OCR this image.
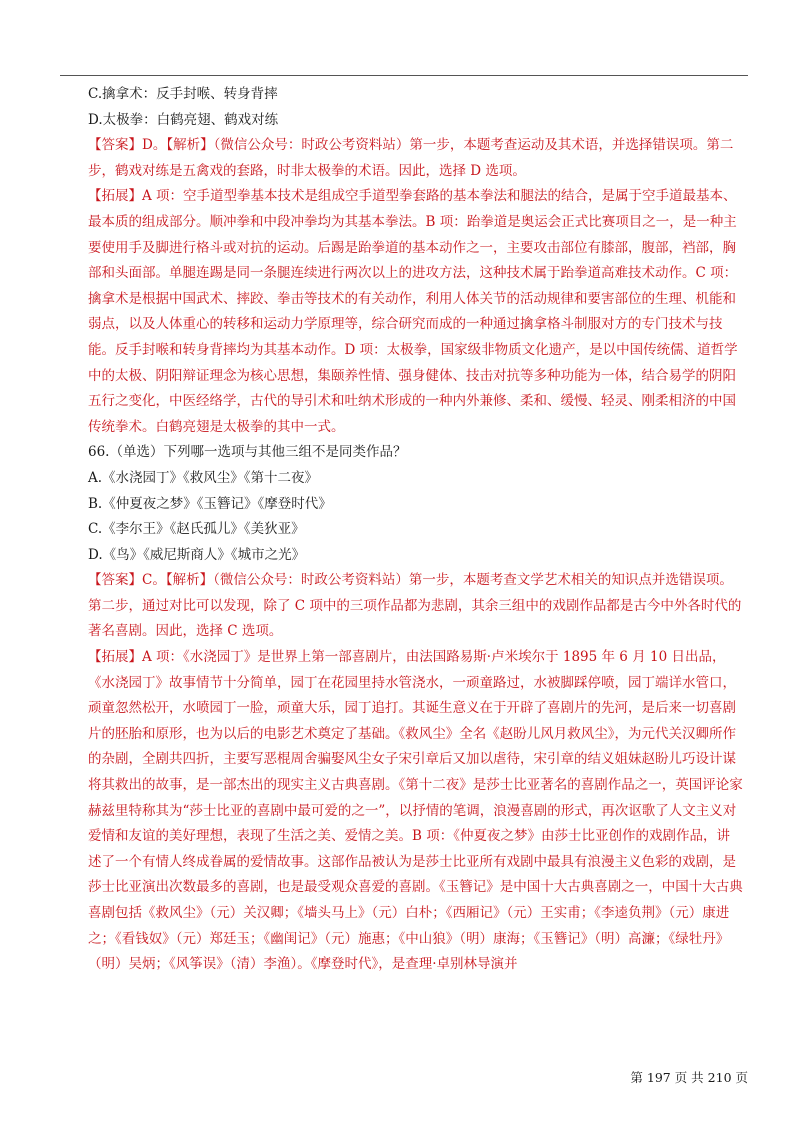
C.擒拿术：反手封喉、转身背摔

D.太极拳：白鹤亮翅、鹤戏对练

【答案】D。【解析】（微信公众号：时政公考资料站）第一步，本题考查运动及其术语，并选择错误项。第二步，鹤戏对练是五禽戏的套路，时非太极拳的术语。因此，选择 D 选项。

【拓展】A 项：空手道型拳基本技术是组成空手道型拳套路的基本拳法和腿法的结合，是属于空手道最基本、最本质的组成部分。顺冲拳和中段冲拳均为其基本拳法。B 项：跆拳道是奥运会正式比赛项目之一，是一种主要使用手及脚进行格斗或对抗的运动。后踢是跆拳道的基本动作之一，主要攻击部位有膝部，腹部，裆部，胸部和头面部。单腿连踢是同一条腿连续进行两次以上的进攻方法，这种技术属于跆拳道高难技术动作。C 项：擒拿术是根据中国武术、摔跤、拳击等技术的有关动作，利用人体关节的活动规律和要害部位的生理、机能和弱点，以及人体重心的转移和运动力学原理等，综合研究而成的一种通过擒拿格斗制服对方的专门技术与技能。反手封喉和转身背摔均为其基本动作。D 项：太极拳，国家级非物质文化遗产，是以中国传统儒、道哲学中的太极、阴阳辩证理念为核心思想，集颐养性情、强身健体、技击对抗等多种功能为一体，结合易学的阴阳五行之变化，中医经络学，古代的导引术和吐纳术形成的一种内外兼修、柔和、缓慢、轻灵、刚柔相济的中国传统拳术。白鹤亮翅是太极拳的其中一式。

66.（单选）下列哪一选项与其他三组不是同类作品？

A.《水浇园丁》《救风尘》《第十二夜》

B.《仲夏夜之梦》《玉簪记》《摩登时代》

C.《李尔王》《赵氏孤儿》《美狄亚》

D.《鸟》《威尼斯商人》《城市之光》

【答案】C。【解析】（微信公众号：时政公考资料站）第一步，本题考查文学艺术相关的知识点并选错误项。第二步，通过对比可以发现，除了 C 项中的三项作品都为悲剧，其余三组中的戏剧作品都是古今中外各时代的著名喜剧。因此，选择 C 选项。

【拓展】A 项：《水浇园丁》是世界上第一部喜剧片，由法国路易斯·卢米埃尔于 1895 年 6 月 10 日出品，《水浇园丁》故事情节十分简单，园丁在花园里持水管浇水，一顽童路过，水被脚踩停喷，园丁端详水管口，顽童忽然松开，水喷园丁一脸，顽童大乐，园丁追打。其诞生意义在于开辟了喜剧片的先河，是后来一切喜剧片的胚胎和原形，也为以后的电影艺术奠定了基础。《救风尘》全名《赵盼儿风月救风尘》，为元代关汉卿所作的杂剧，全剧共四折，主要写恶棍周舍骗娶风尘女子宋引章后又加以虐待，宋引章的结义姐妹赵盼儿巧设计谋将其救出的故事，是一部杰出的现实主义古典喜剧。《第十二夜》是莎士比亚著名的喜剧作品之一，英国评论家赫兹里特称其为“莎士比亚的喜剧中最可爱的之一”，以抒情的笔调，浪漫喜剧的形式，再次讴歌了人文主义对爱情和友谊的美好理想，表现了生活之美、爱情之美。B 项：《仲夏夜之梦》由莎士比亚创作的戏剧作品，讲述了一个有情人终成眷属的爱情故事。这部作品被认为是莎士比亚所有戏剧中最具有浪漫主义色彩的戏剧，是莎士比亚演出次数最多的喜剧，也是最受观众喜爱的喜剧。《玉簪记》是中国十大古典喜剧之一，中国十大古典喜剧包括《救风尘》（元）关汉卿；《墙头马上》（元）白朴；《西厢记》（元）王实甫；《李逵负荆》（元）康进之；《看钱奴》（元）郑廷玉；《幽闺记》（元）施惠；《中山狼》（明）康海；《玉簪记》（明）高濂；《绿牡丹》（明）吴炳；《风筝误》（清）李渔）。《摩登时代》，是查理·卓别林导演并

第 197 页 共 210 页
